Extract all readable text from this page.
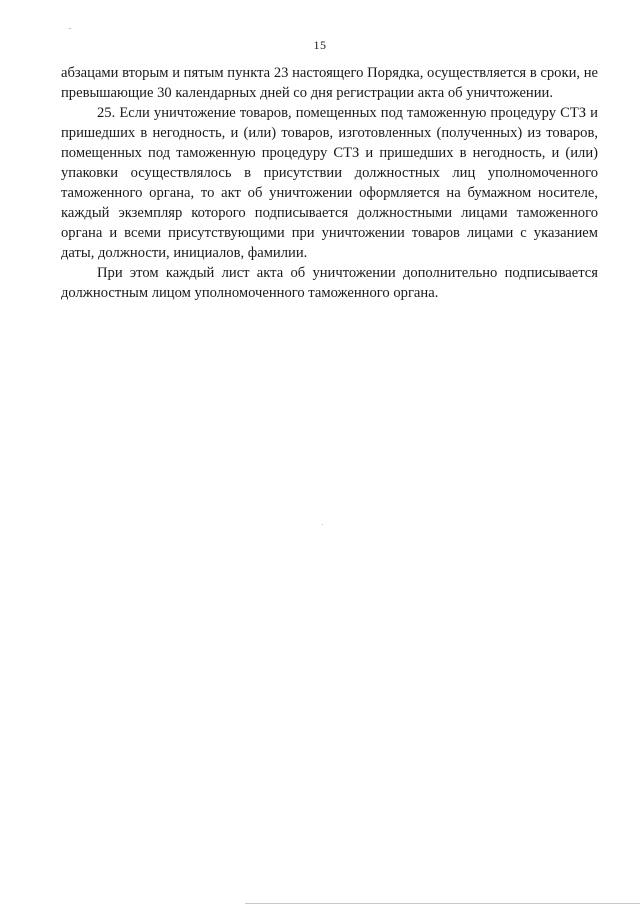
15

абзацами вторым и пятым пункта 23 настоящего Порядка, осуществляется в сроки, не превышающие 30 календарных дней со дня регистрации акта об уничтожении.

25. Если уничтожение товаров, помещенных под таможенную процедуру СТЗ и пришедших в негодность, и (или) товаров, изготовленных (полученных) из товаров, помещенных под таможенную процедуру СТЗ и пришедших в негодность, и (или) упаковки осуществлялось в присутствии должностных лиц уполномоченного таможенного органа, то акт об уничтожении оформляется на бумажном носителе, каждый экземпляр которого подписывается должностными лицами таможенного органа и всеми присутствующими при уничтожении товаров лицами с указанием даты, должности, инициалов, фамилии.

При этом каждый лист акта об уничтожении дополнительно подписывается должностным лицом уполномоченного таможенного органа.
